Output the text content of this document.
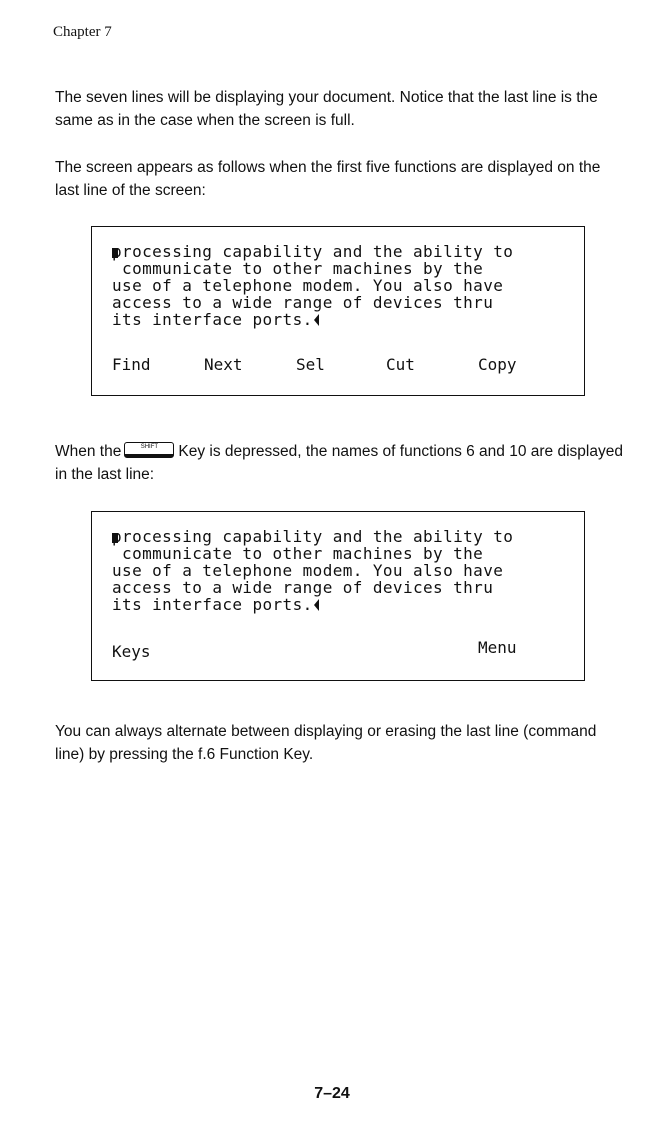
Chapter 7

The seven lines will be displaying your document. Notice that the last line is the same as in the case when the screen is full.

The screen appears as follows when the first five functions are displayed on the last line of the screen:

processing capability and the ability to
communicate to other machines by the
use of a telephone modem. You also have
access to a wide range of devices thru
its interface ports.
Find	Next	Sel	Cut	Copy

When the	SHIFT	Key is depressed, the names of functions 6 and 10 are displayed in the last line:

processing capability and the ability to
communicate to other machines by the
use of a telephone modem. You also have
access to a wide range of devices thru
its interface ports.
Keys	Menu

You can always alternate between displaying or erasing the last line (command line) by pressing the f.6 Function Key.

7–24
